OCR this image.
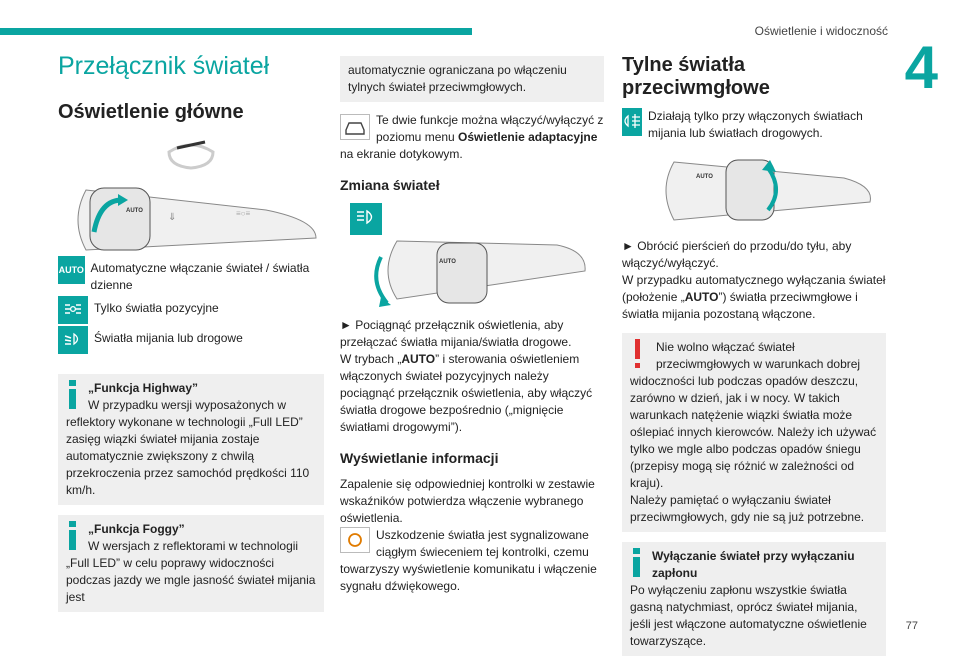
Oświetlenie i widoczność
4
Przełącznik świateł
Oświetlenie główne
AUTO
⇓	≡○≡
AUTO Automatyczne włączanie świateł / światła dzienne
Tylko światła pozycyjne
Światła mijania lub drogowe
„Funkcja Highway”
W przypadku wersji wyposażonych w reflektory wykonane w technologii „Full LED” zasięg wiązki świateł mijania zostaje automatycznie zwiększony z chwilą przekroczenia przez samochód prędkości 110 km/h.
„Funkcja Foggy”
W wersjach z reflektorami w technologii „Full LED” w celu poprawy widoczności podczas jazdy we mgle jasność świateł mijania jest
automatycznie ograniczana po włączeniu tylnych świateł przeciwmgłowych.
Te dwie funkcje można włączyć/wyłączyć z poziomu menu Oświetlenie adaptacyjne na ekranie dotykowym.
Zmiana świateł
AUTO

► Pociągnąć przełącznik oświetlenia, aby przełączać światła mijania/światła drogowe.

W trybach „AUTO” i sterowania oświetleniem włączonych świateł pozycyjnych należy pociągnąć przełącznik oświetlenia, aby włączyć światła drogowe bezpośrednio („mignięcie światłami drogowymi”).

Wyświetlanie informacji

Zapalenie się odpowiedniej kontrolki w zestawie wskaźników potwierdza włączenie wybranego oświetlenia.

Uszkodzenie światła jest sygnalizowane ciągłym świeceniem tej kontrolki, czemu towarzyszy wyświetlenie komunikatu i włączenie sygnału dźwiękowego.

Tylne światła przeciwmgłowe
Działają tylko przy włączonych światłach mijania lub światłach drogowych.
AUTO

► Obrócić pierścień do przodu/do tyłu, aby włączyć/wyłączyć.

W przypadku automatycznego wyłączania świateł (położenie „AUTO”) światła przeciwmgłowe i światła mijania pozostaną włączone.

Nie wolno włączać świateł przeciwmgłowych w warunkach dobrej widoczności lub podczas opadów deszczu, zarówno w dzień, jak i w nocy. W takich warunkach natężenie wiązki światła może oślepiać innych kierowców. Należy ich używać tylko we mgle albo podczas opadów śniegu (przepisy mogą się różnić w zależności od kraju).
Należy pamiętać o wyłączaniu świateł przeciwmgłowych, gdy nie są już potrzebne.
Wyłączanie świateł przy wyłączaniu zapłonu
Po wyłączeniu zapłonu wszystkie światła gasną natychmiast, oprócz świateł mijania, jeśli jest włączone automatyczne oświetlenie towarzyszące.
77
